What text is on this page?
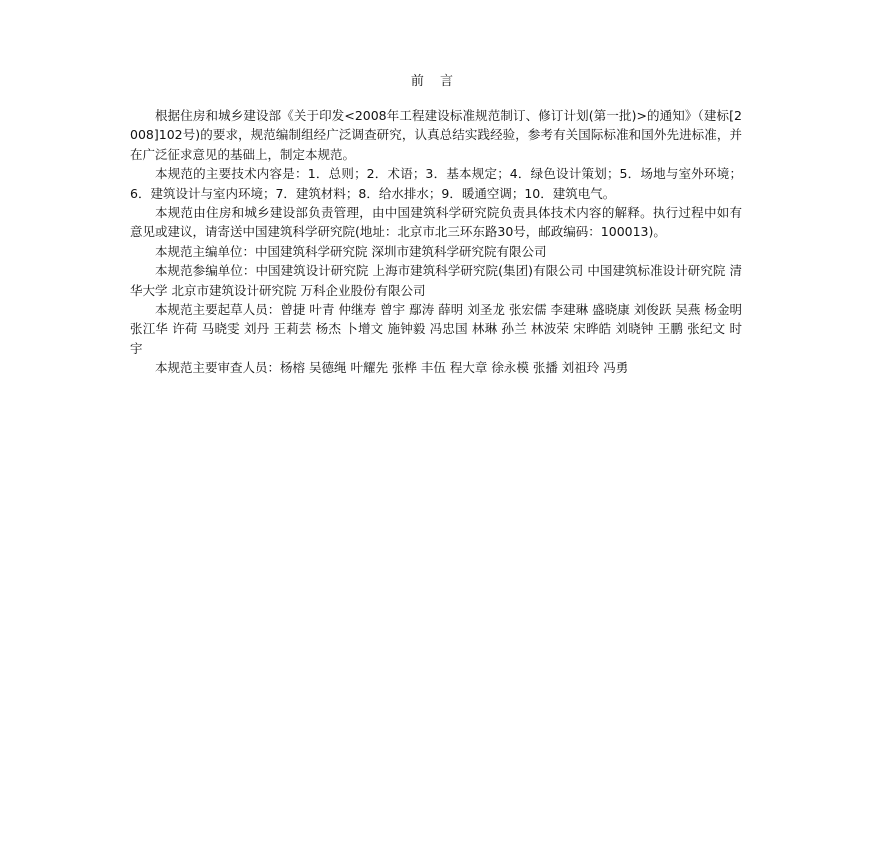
前 言

根据住房和城乡建设部《关于印发<2008年工程建设标准规范制订、修订计划(第一批)>的通知》（建标[2008]102号)的要求，规范编制组经广泛调查研究，认真总结实践经验，参考有关国际标准和国外先进标准，并在广泛征求意见的基础上，制定本规范。

本规范的主要技术内容是：1．总则；2．术语；3．基本规定；4．绿色设计策划；5．场地与室外环境；6．建筑设计与室内环境；7．建筑材料；8．给水排水；9．暖通空调；10．建筑电气。

本规范由住房和城乡建设部负责管理，由中国建筑科学研究院负责具体技术内容的解释。执行过程中如有意见或建议，请寄送中国建筑科学研究院(地址：北京市北三环东路30号，邮政编码：100013)。

本规范主编单位：中国建筑科学研究院 深圳市建筑科学研究院有限公司

本规范参编单位：中国建筑设计研究院 上海市建筑科学研究院(集团)有限公司 中国建筑标准设计研究院 清华大学 北京市建筑设计研究院 万科企业股份有限公司

本规范主要起草人员：曾捷 叶青 仲继寿 曾宇 鄢涛 薛明 刘圣龙 张宏儒 李建琳 盛晓康 刘俊跃 吴燕 杨金明 张江华 许荷 马晓雯 刘丹 王莉芸 杨杰 卜增文 施钟毅 冯忠国 林琳 孙兰 林波荣 宋晔皓 刘晓钟 王鹏 张纪文 时宇

本规范主要审查人员：杨榕 吴德绳 叶耀先 张桦 丰伍 程大章 徐永模 张播 刘祖玲 冯勇
